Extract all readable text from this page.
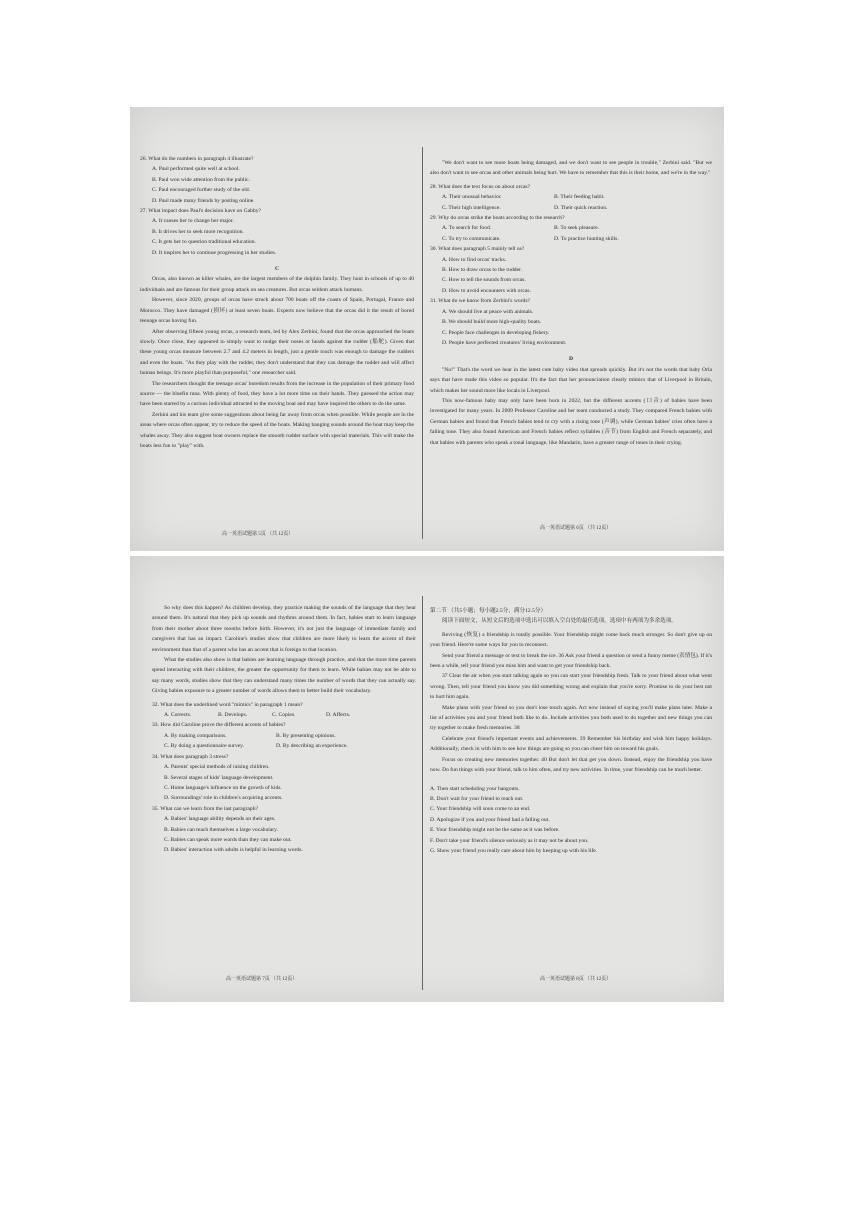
26. What do the numbers in paragraph 4 illustrate?

A. Paul performed quite well at school.

B. Paul won wide attention from the public.

C. Paul encouraged further study of the old.

D. Paul made many friends by posting online.

27. What impact does Paul's decision have on Gabby?

A. It causes her to change her major.

B. It drives her to seek more recognition.

C. It gets her to question traditional education.

D. It inspires her to continue progressing in her studies.

C

Orcas, also known as killer whales, are the largest members of the dolphin family. They hunt in schools of up to 40 individuals and are famous for their group attack on sea creatures. But orcas seldom attack humans.

However, since 2020, groups of orcas have struck about 700 boats off the coasts of Spain, Portugal, France and Morocco. They have damaged (损坏) at least seven boats. Experts now believe that the orcas did it the result of bored teenage orcas having fun.

After observing fifteen young orcas, a research team, led by Alex Zerbini, found that the orcas approached the boats slowly. Once close, they appeared to simply want to nudge their noses or heads against the rudder (船舵). Given that these young orcas measure between 2.7 and 4.2 meters in length, just a gentle touch was enough to damage the rudders and even the boats. "As they play with the rudder, they don't understand that they can damage the rudder and will affect human beings. It's more playful than purposeful," one researcher said.

The researchers thought the teenage orcas' boredom results from the increase in the population of their primary food source — the bluefin tuna. With plenty of food, they have a lot more time on their hands. They guessed the action may have been started by a curious individual attracted to the moving boat and may have inspired the others to do the same.

Zerbini and his team give some suggestions about being far away from orcas when possible. While people are in the areas where orcas often appear, try to reduce the speed of the boats. Making banging sounds around the boat may keep the whales away. They also suggest boat owners replace the smooth rudder surface with special materials. This will make the boats less fun to "play" with.

高一英语试题第 5页 （共 12页）

"We don't want to see more boats being damaged, and we don't want to see people in trouble," Zerbini said. "But we also don't want to see orcas and other animals being hurt. We have to remember that this is their home, and we're in the way."

28. What does the text focus on about orcas?

A. Their unusual behavior.	B. Their feeding habit.
C. Their high intelligence.	D. Their quick reaction.

29. Why do orcas strike the boats according to the research?

A. To search for food.	B. To seek pleasure.
C. To try to communicate.	D. To practice hunting skills.

30. What does paragraph 5 mainly tell us?

A. How to find orcas' tracks.

B. How to draw orcas to the rudder.

C. How to tell the sounds from orcas.

D. How to avoid encounters with orcas.

31. What do we know from Zerbini's words?

A. We should live at peace with animals.

B. We should build more high-quality boats.

C. People face challenges in developing fishery.

D. People have perfected creatures' living environment.

D

"No!" That's the word we hear in the latest cute baby video that spreads quickly. But it's not the words that baby Orla says that have made this video so popular. It's the fact that her pronunciation clearly mimics that of Liverpool in Britain, which makes her sound more like locals in Liverpool.

This now-famous baby may only have been born in 2022, but the different accents (口音) of babies have been investigated for many years. In 2009 Professor Caroline and her team conducted a study. They compared French babies with German babies and found that French babies tend to cry with a rising tone (声调), while German babies' cries often have a falling tone. They also found American and French babies reflect syllables (音节) from English and French separately, and that babies with parents who speak a tonal language, like Mandarin, have a greater range of tones in their crying.

高一英语试题第 6页 （共 12页）

So why does this happen? As children develop, they practice making the sounds of the language that they hear around them. It's natural that they pick up sounds and rhythms around them. In fact, babies start to learn language from their mother about three months before birth. However, it's not just the language of immediate family and caregivers that has an impact. Caroline's studies show that children are more likely to learn the accent of their environment than that of a parent who has an accent that is foreign to that location.

What the studies also show is that babies are learning language through practice, and that the more time parents spend interacting with their children, the greater the opportunity for them to learn. While babies may not be able to say many words, studies show that they can understand many times the number of words that they can actually say. Giving babies exposure to a greater number of words allows them to better build their vocabulary.

32. What does the underlined word "mimics" in paragraph 1 mean?

A. Corrects.	B. Develops.	C. Copies.	D. Affects.

33. How did Caroline prove the different accents of babies?

A. By making comparisons.	B. By presenting opinions.
C. By doing a questionnaire survey.	D. By describing an experience.

34. What does paragraph 3 stress?

A. Parents' special methods of raising children.

B. Several stages of kids' language development.

C. Home language's influence on the growth of kids.

D. Surroundings' role in children's acquiring accents.

35. What can we learn from the last paragraph?

A. Babies' language ability depends on their ages.

B. Babies can teach themselves a large vocabulary.

C. Babies can speak more words than they can make out.

D. Babies' interaction with adults is helpful in learning words.

高一英语试题第 7页 （共 12页）

第二节 （共5小题；每小题2.5分，满分12.5分）

阅读下面短文，从短文后的选项中选出可以填入空白处的最佳选项。选项中有两项为多余选项。

Reviving (恢复) a friendship is totally possible. Your friendship might come back much stronger. So don't give up on your friend. Here're some ways for you to reconnect.

Send your friend a message or text to break the ice. 36 Ask your friend a question or send a funny meme (表情包). If it's been a while, tell your friend you miss him and want to get your friendship back.

37 Clear the air when you start talking again so you can start your friendship fresh. Talk to your friend about what went wrong. Then, tell your friend you know you did something wrong and explain that you're sorry. Promise to do your best not to hurt him again.

Make plans with your friend so you don't lose touch again. Act now instead of saying you'll make plans later. Make a list of activities you and your friend both like to do. Include activities you both used to do together and new things you can try together to make fresh memories. 38

Celebrate your friend's important events and achievements. 39 Remember his birthday and wish him happy holidays. Additionally, check in with him to see how things are going so you can cheer him on toward his goals.

Focus on creating new memories together. 40 But don't let that get you down. Instead, enjoy the friendship you have now. Do fun things with your friend, talk to him often, and try new activities. In time, your friendship can be much better.

A. Then start scheduling your hangouts.

B. Don't wait for your friend to reach out.

C. Your friendship will soon come to an end.

D. Apologize if you and your friend had a falling out.

E. Your friendship might not be the same as it was before.

F. Don't take your friend's silence seriously as it may not be about you.

G. Show your friend you really care about him by keeping up with his life.

高一英语试题第 8页 （共 12页）
